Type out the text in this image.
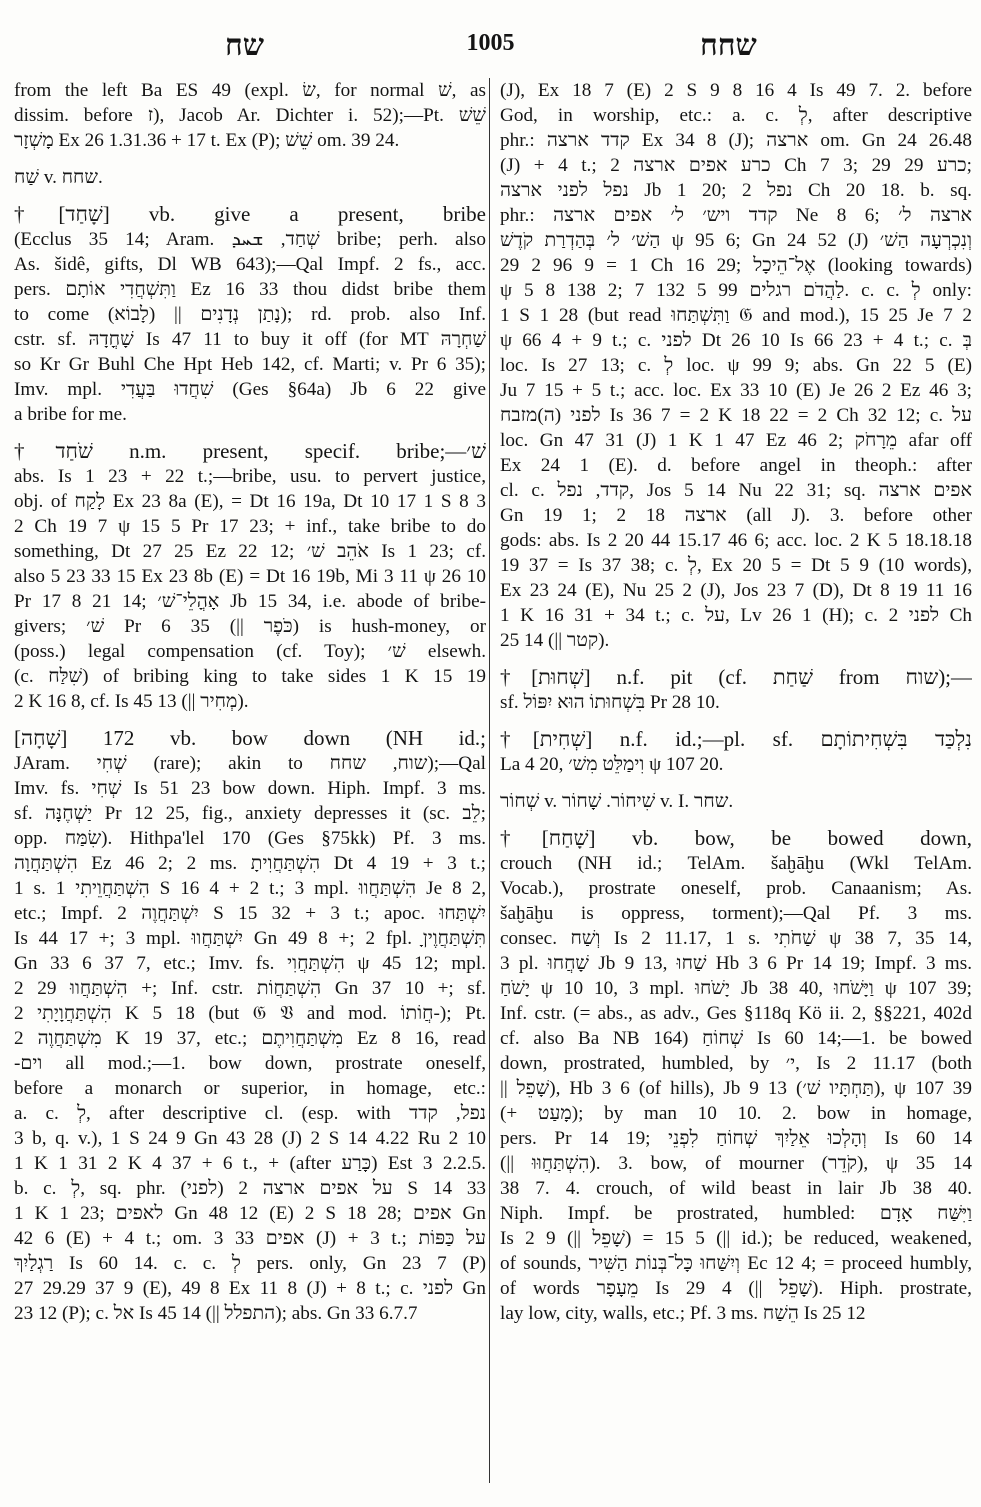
שח	1005	שחח
from the left Ba ES 49 (expl. שׂ, for normal שׁ, as
dissim. before ז), Jacob Ar. Dichter i. 52);—Pt. שֵׁשׁ
מָשְׁזָר Ex 26 1.31.36 + 17 t. Ex (P); שֵׁשׁ om. 39 24.
שַׁח v. שחח.
†[שָׁחַד] vb. give a present, bribe
(Ecclus 35 14; Aram. שְׁחַד, ܫܚܕ bribe; perh. also
As. šidê, gifts, Dl WB 643);—Qal Impf. 2 fs., acc.
pers. וַתִּשְׁחֲדִי אוֹתָם Ez 16 33 thou didst bribe them
to come (לָבוֹא) || נָתַן נְדָנִים); rd. prob. also Inf.
cstr. sf. שָׁחֳדָהּ Is 47 11 to buy it off (for MT שַׁחְרָהּ
so Kr Gr Buhl Che Hpt Heb 142, cf. Marti; v. Pr 6 35);
Imv. mpl. שִׁחֲדוּ בַּעֲדִי (Ges §64a) Jb 6 22 give
a bribe for me.
†שֹׁחַד n.m. present, specif. bribe;—שׁ׳
abs. Is 1 23 + 22 t.;—bribe, usu. to pervert justice,
obj. of לָקַח Ex 23 8a (E), = Dt 16 19a, Dt 10 17 1 S 8 3
2 Ch 19 7 ψ 15 5 Pr 17 23; + inf., take bribe to do
something, Dt 27 25 Ez 22 12; אֹהֵב שׁ׳ Is 1 23; cf.
also 5 23 33 15 Ex 23 8b (E) = Dt 16 19b, Mi 3 11 ψ 26 10
Pr 17 8 21 14; אָהֳלֵי־שׁ׳ Jb 15 34, i.e. abode of bribe-
givers; שׁ׳ Pr 6 35 (|| כֹּפֶר) is hush-money, or
(poss.) legal compensation (cf. Toy); שׁ׳ elsewh.
(c. שִׁלַּח) of bribing king to take sides 1 K 15 19
2 K 16 8, cf. Is 45 13 (|| מְחִיר).
[שָׁחָה] 172 vb. bow down (NH id.;
JAram. שְׁחִי (rare); akin to שוח, שחח);—Qal
Imv. fs. שְׁחִי Is 51 23 bow down. Hiph. Impf. 3 ms.
sf. יַשְׁחֶנָּה Pr 12 25, fig., anxiety depresses it (sc. לֵב;
opp. שִׂמַּח). Hithpa'lel 170 (Ges §75kk) Pf. 3 ms.
הִשְׁתַּחֲוָה Ez 46 2; 2 ms. הִשְׁתַּחֲוִיתָ Dt 4 19 + 3 t.;
1 s. הִשְׁתַּחֲוֵיתִי 1 S 16 4 + 2 t.; 3 mpl. הִשְׁתַּחֲווּ Je 8 2,
etc.; Impf. יִשְׁתַּחֲוֶה 2 S 15 32 + 3 t.; apoc. יִשְׁתַּחוּ
Is 44 17 +; 3 mpl. יִשְׁתַּחֲווּ Gn 49 8 +; 2 fpl. תִּשְׁתַּחֲוֶיןָ
Gn 33 6 37 7, etc.; Imv. fs. הִשְׁתַּחֲוִי ψ 45 12; mpl.
הִשְׁתַּחֲווּ 29 2 +; Inf. cstr. הִשְׁתַּחֲוֹת Gn 37 10 +; sf.
הִשְׁתַּחֲוָיָתִי 2 K 5 18 (but 𝔊 𝔙 and mod. חֲוֹתוֹ-); Pt.
מִשְׁתַּחֲוֶה 2 K 19 37, etc.; מִשְׁתַּחֲוִיתֶם Ez 8 16, read
-וים all mod.;—1. bow down, prostrate oneself,
before a monarch or superior, in homage, etc.:
a. c. לְ, after descriptive cl. (esp. with נפל, קדד
3 b, q. v.), 1 S 24 9 Gn 43 28 (J) 2 S 14 4.22 Ru 2 10
1 K 1 31 2 K 4 37 + 6 t., + (after כָּרַע) Est 3 2.2.5.
b. c. לְ, sq. phr. (לפני) על אפים ארצה 2 S 14 33
1 K 1 23; לאפים Gn 48 12 (E) 2 S 18 28; אפים Gn
42 6 (E) + 4 t.; om. אפים 33 3 (J) + 3 t.; על כַּפּוֹת
רַגְלַיִךְ Is 60 14. c. c. לְ pers. only, Gn 23 7 (P)
27 29.29 37 9 (E), 49 8 Ex 11 8 (J) + 8 t.; c. לפני Gn
23 12 (P); c. אל Is 45 14 (|| התפלל); abs. Gn 33 6.7.7
(J), Ex 18 7 (E) 2 S 9 8 16 4 Is 49 7. 2. before
God, in worship, etc.: a. c. לְ, after descriptive
phr.: קדד ארצה Ex 34 8 (J); ארצה om. Gn 24 26.48
(J) + 4 t.; כרע אפים ארצה 2 Ch 7 3; כרע 29 29;
נפל לפני ארצה Jb 1 20; נפל 2 Ch 20 18. b. sq.
phr.: קדד ויש׳ ל׳ אפים ארצה Ne 8 6; ארצה ל׳
הַשׁ׳ ל׳ בְּהַדְרַת קֹדֶשׁ ψ 95 6; Gn 24 52 (J) וְנִכְרְעָה הַשׁ׳
29 2 96 9 = 1 Ch 16 29; אֶל־הֵיכָל (looking towards)
ψ 5 8 138 2; לַהֲדֹם רגלים 99 5 132 7. c. c. לְ only:
1 S 1 28 (but read וַתִּשְׁתַּחוּ 𝔊 and mod.), 15 25 Je 7 2
ψ 66 4 + 9 t.; c. לפני Dt 26 10 Is 66 23 + 4 t.; c. בְּ
loc. Is 27 13; c. לְ loc. ψ 99 9; abs. Gn 22 5 (E)
Ju 7 15 + 5 t.; acc. loc. Ex 33 10 (E) Je 26 2 Ez 46 3;
לפני (ה)מזבח Is 36 7 = 2 K 18 22 = 2 Ch 32 12; c. על
loc. Gn 47 31 (J) 1 K 1 47 Ez 46 2; מֵרָחֹק afar off
Ex 24 1 (E). d. before angel in theoph.: after
cl. c. קדד, נפל, Jos 5 14 Nu 22 31; sq. אפים ארצה
Gn 19 1; ארצה 18 2 (all J). 3. before other
gods: abs. Is 2 20 44 15.17 46 6; acc. loc. 2 K 5 18.18.18
19 37 = Is 37 38; c. לְ, Ex 20 5 = Dt 5 9 (10 words),
Ex 23 24 (E), Nu 25 2 (J), Jos 23 7 (D), Dt 8 19 11 16
1 K 16 31 + 34 t.; c. על, Lv 26 1 (H); c. לפני 2 Ch
25 14 (|| קטר).
†[שְׁחוּת] n.f. pit (cf. שַׁחַת from שוח);—
sf. בִּשְׁחוּתוֹ הוּא יִפּוֹל Pr 28 10.
†[שְׁחִית] n.f. id.;—pl. sf. נִלְכַּד בִּשְׁחִיתוֹתָם
La 4 20, וִימַלֵּט מִשׁ׳ ψ 107 20.
שְׁחוֹר v. שִׁיחוֹר. שָׁחוֹר v. I. שחר.
†[שָׁחַח] vb. bow, be bowed down,
crouch (NH id.; TelAm. šaḫāḫu (Wkl TelAm.
Vocab.), prostrate oneself, prob. Canaanism; As.
šaḫāḫu is oppress, torment);—Qal Pf. 3 ms.
consec. וְשַׁח Is 2 11.17, 1 s. שַׁחֹתִי ψ 38 7, 35 14,
3 pl. שָׁחֲחוּ Jb 9 13, שַׁחוּ Hb 3 6 Pr 14 19; Impf. 3 ms.
יָשֹׁחַ ψ 10 10, 3 mpl. יָשֹׁחוּ Jb 38 40, וַיָּשֹׁחוּ ψ 107 39;
Inf. cstr. (= abs., as adv., Ges §118q Kö ii. 2, §§221, 402d
cf. also Ba NB 164) שְׁחוֹחַ Is 60 14;—1. be bowed
down, prostrated, humbled, by י׳, Is 2 11.17 (both
|| שָׁפֵל), Hb 3 6 (of hills), Jb 9 13 (תַּחְתָּיו שׁ׳), ψ 107 39
(+ מָעַט); by man 10 10. 2. bow in homage,
pers. Pr 14 19; וְהָלְכוּ אֵלַיִךְ שְׁחוֹחַ לִפְנֵי Is 60 14
(|| הִשְׁתַּחֲוּוּ). 3. bow, of mourner (קֹדֵר), ψ 35 14
38 7. 4. crouch, of wild beast in lair Jb 38 40.
Niph. Impf. be prostrated, humbled: וַיִּשַּׁח אָדָם
Is 2 9 (|| שָׁפֵל) = 5 15 (|| id.); be reduced, weakened,
of sounds, וְיִשַּׁחוּ כָּל־בְּנוֹת הַשִּׁיר Ec 12 4; = proceed humbly,
of words מֵעָפָר Is 29 4 (|| שָׁפֵל). Hiph. prostrate,
lay low, city, walls, etc.; Pf. 3 ms. הֵשַׁח Is 25 12
